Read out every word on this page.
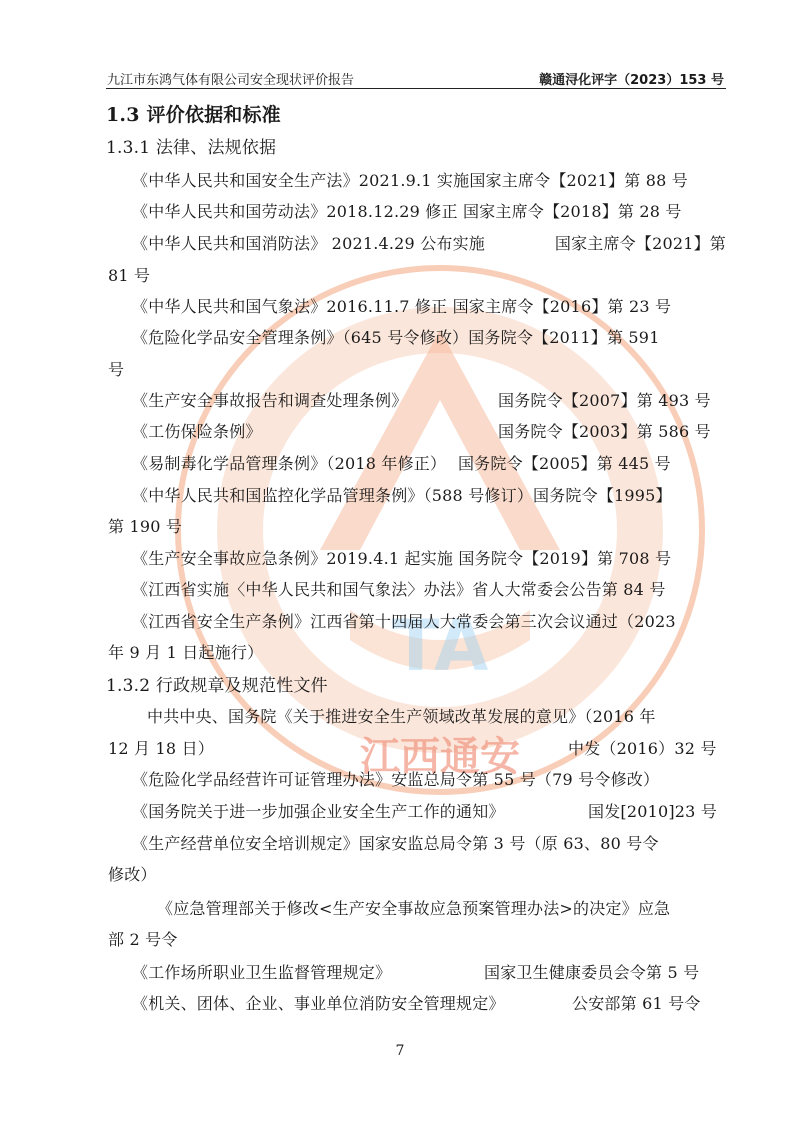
TA
江西通安
九江市东鸿气体有限公司安全现状评价报告	赣通浔化评字（2023）153 号
1.3 评价依据和标准
1.3.1 法律、法规依据
《中华人民共和国安全生产法》2021.9.1 实施国家主席令【2021】第 88 号
《中华人民共和国劳动法》2018.12.29 修正 国家主席令【2018】第 28 号
《中华人民共和国消防法》 2021.4.29 公布实施	国家主席令【2021】第
81 号
《中华人民共和国气象法》2016.11.7 修正 国家主席令【2016】第 23 号
《危险化学品安全管理条例》（645 号令修改）国务院令【2011】第 591
号
《生产安全事故报告和调查处理条例》	国务院令【2007】第 493 号
《工伤保险条例》	国务院令【2003】第 586 号
《易制毒化学品管理条例》（2018 年修正） 国务院令【2005】第 445 号
《中华人民共和国监控化学品管理条例》（588 号修订）国务院令【1995】
第 190 号
《生产安全事故应急条例》2019.4.1 起实施 国务院令【2019】第 708 号
《江西省实施〈中华人民共和国气象法〉办法》省人大常委会公告第 84 号
《江西省安全生产条例》江西省第十四届人大常委会第三次会议通过（2023
年 9 月 1 日起施行）
1.3.2 行政规章及规范性文件
中共中央、国务院《关于推进安全生产领域改革发展的意见》（2016 年
12 月 18 日）	中发（2016）32 号
《危险化学品经营许可证管理办法》安监总局令第 55 号（79 号令修改）
《国务院关于进一步加强企业安全生产工作的通知》	国发[2010]23 号
《生产经营单位安全培训规定》国家安监总局令第 3 号（原 63、80 号令
修改）
《应急管理部关于修改<生产安全事故应急预案管理办法>的决定》应急
部 2 号令
《工作场所职业卫生监督管理规定》	国家卫生健康委员会令第 5 号
《机关、团体、企业、事业单位消防安全管理规定》	公安部第 61 号令
7
